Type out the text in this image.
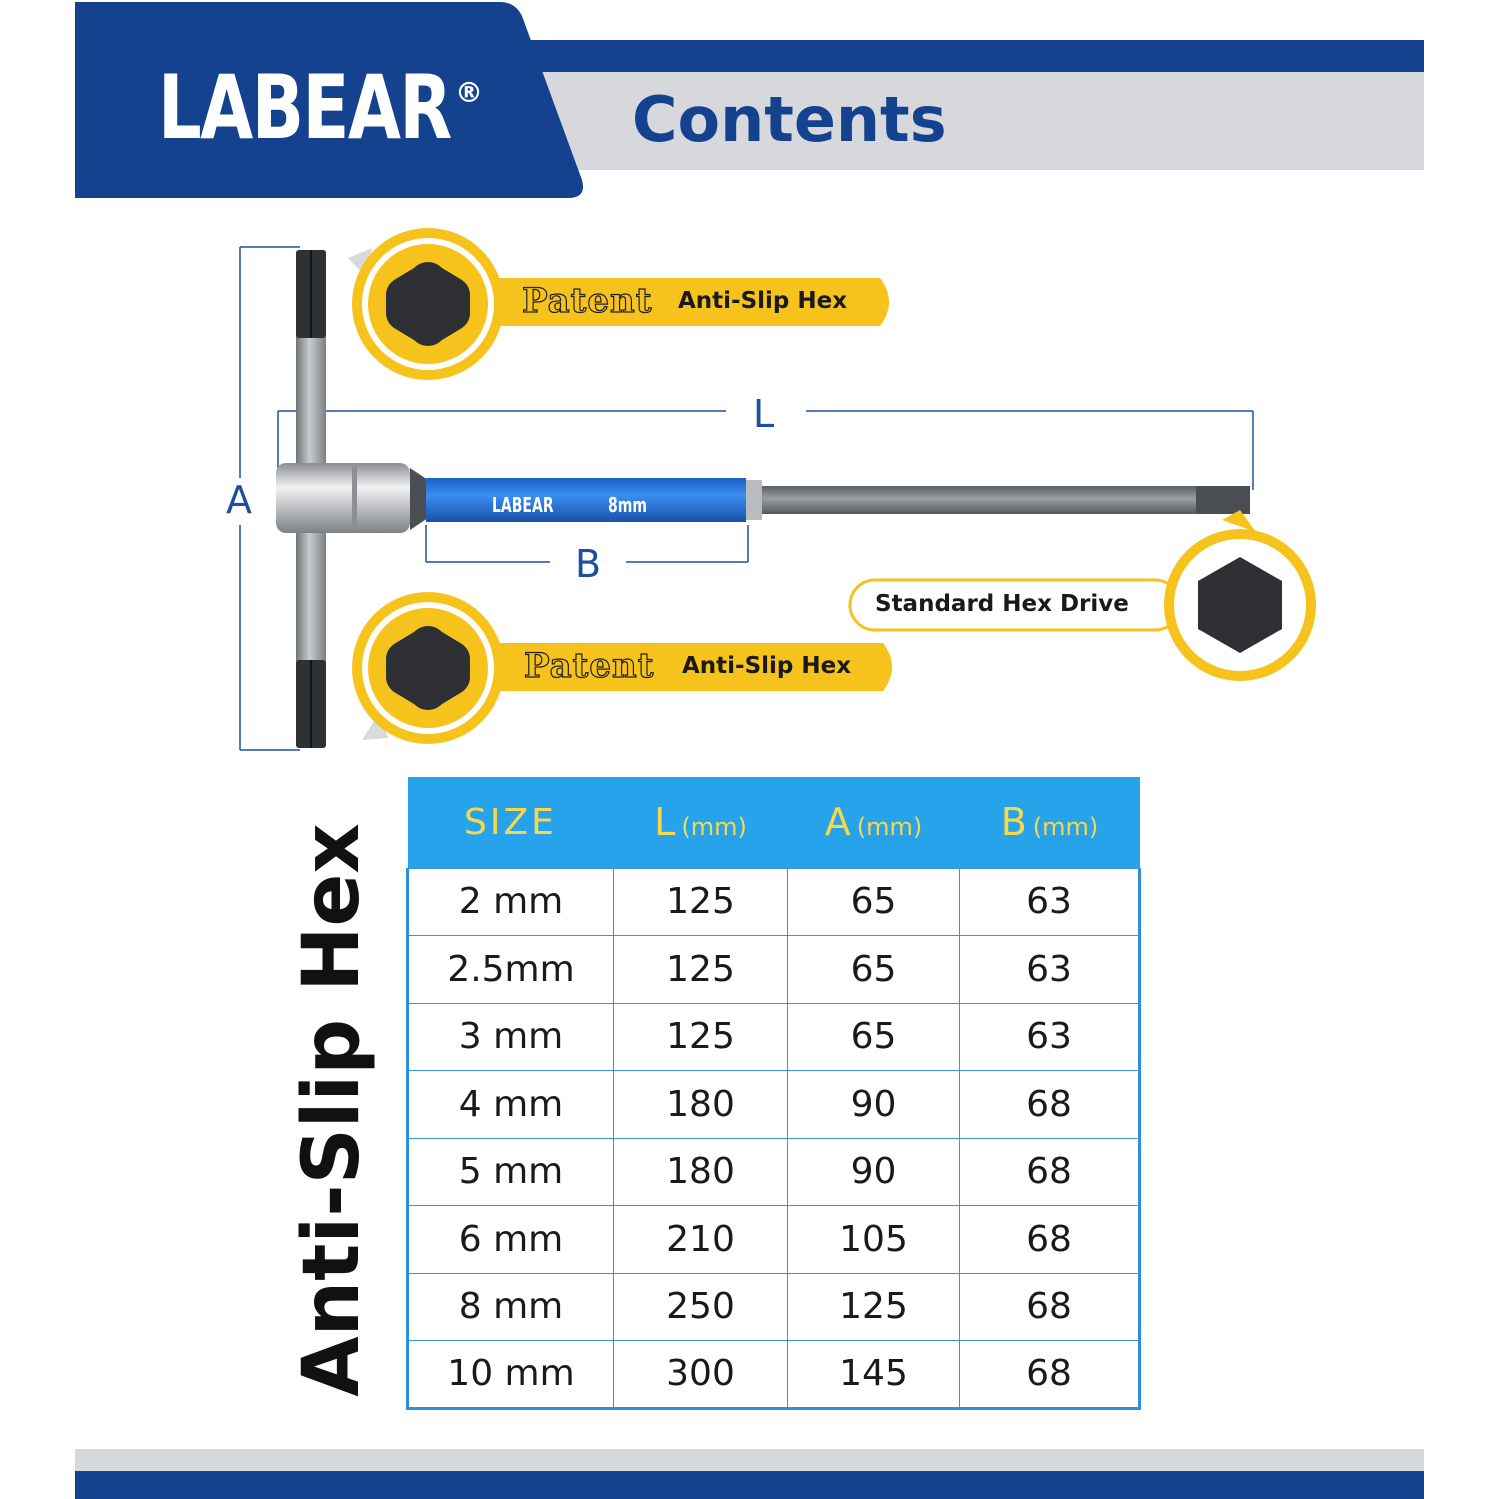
LABEAR ® Contents
L
A
B
Patent Anti-Slip Hex
Patent Anti-Slip Hex
Standard Hex Drive
LABEAR	8mm
Anti-Slip Hex
SIZE	L (mm)	A (mm)	B (mm)
2 mm	125	65	63
2.5mm	125	65	63
3 mm	125	65	63
4 mm	180	90	68
5 mm	180	90	68
6 mm	210	105	68
8 mm	250	125	68
10 mm	300	145	68
